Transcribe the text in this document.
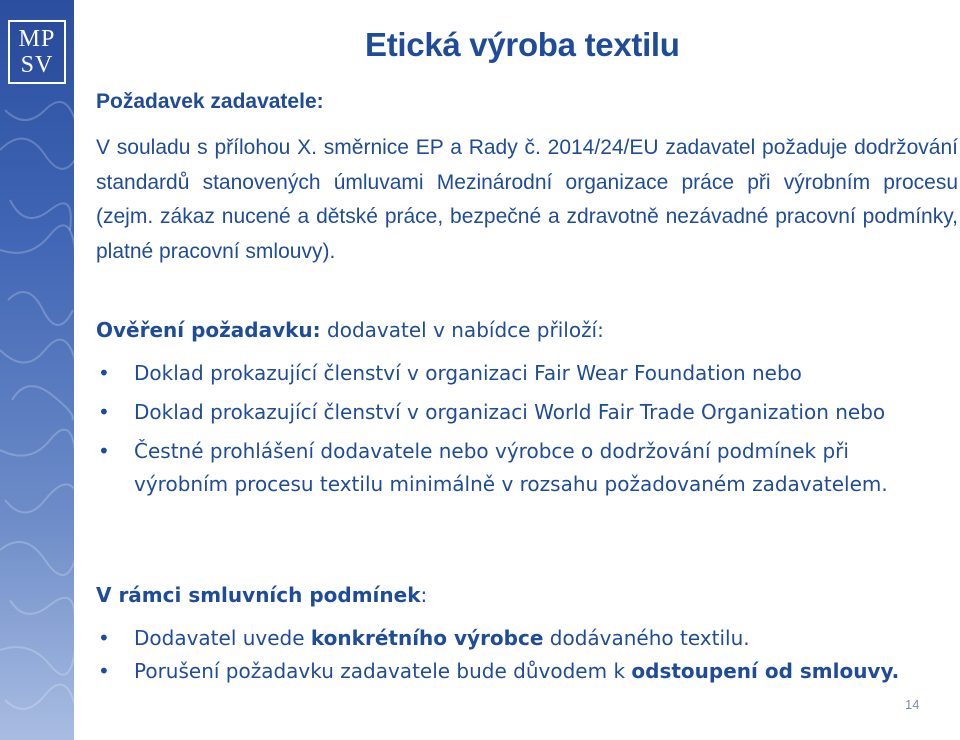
MP
SV
Etická výroba textilu
Požadavek zadavatele:

V souladu s přílohou X. směrnice EP a Rady č. 2014/24/EU zadavatel požaduje dodržování standardů stanovených úmluvami Mezinárodní organizace práce při výrobním procesu (zejm. zákaz nucené a dětské práce, bezpečné a zdravotně nezávadné pracovní podmínky, platné pracovní smlouvy).

Ověření požadavku: dodavatel v nabídce přiloží:
• Doklad prokazující členství v organizaci Fair Wear Foundation nebo
• Doklad prokazující členství v organizaci World Fair Trade Organization nebo
• Čestné prohlášení dodavatele nebo výrobce o dodržování podmínek při výrobním procesu textilu minimálně v rozsahu požadovaném zadavatelem.
V rámci smluvních podmínek:
• Dodavatel uvede konkrétního výrobce dodávaného textilu.
• Porušení požadavku zadavatele bude důvodem k odstoupení od smlouvy.
14
